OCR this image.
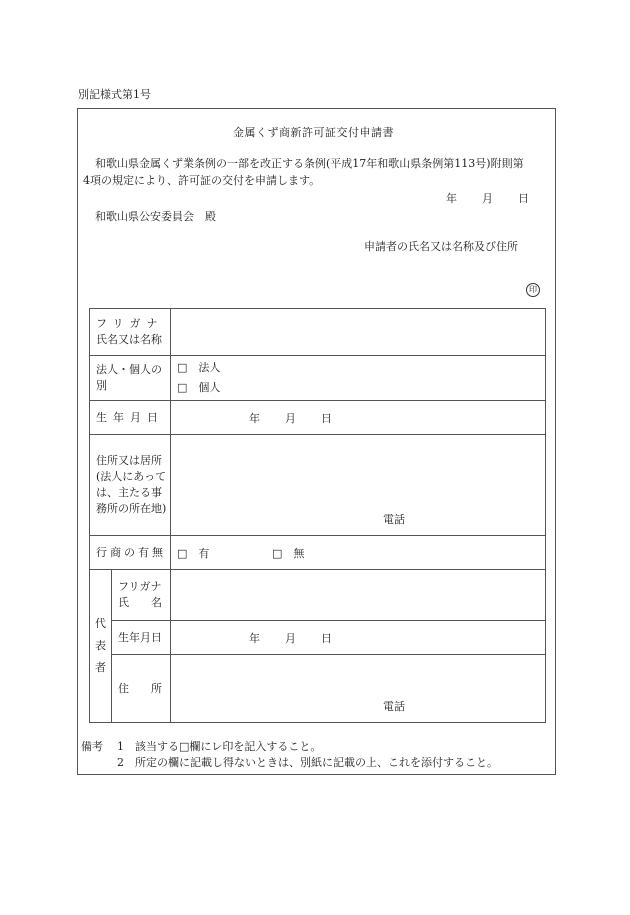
別記様式第1号
金属くず商新許可証交付申請書
和歌山県金属くず業条例の一部を改正する条例(平成17年和歌山県条例第113号)附則第
4項の規定により、許可証の交付を申請します。
年 月 日
和歌山県公安委員会　殿
申請者の氏名又は名称及び住所
印
フリガナ
氏名又は名称		

法人・個人の別		□　法人
□　個人

生年月日		年 月 日
住所又は居所(法人にあっては、主たる事務所の所在地)		電話

行商の有無		□　有 □　無

代表者	フリガナ
氏　　名	

	生年月日	年 月 日
	住　　所	電話
備考 1　該当する□欄にレ印を記入すること。
2　所定の欄に記載し得ないときは、別紙に記載の上、これを添付すること。
